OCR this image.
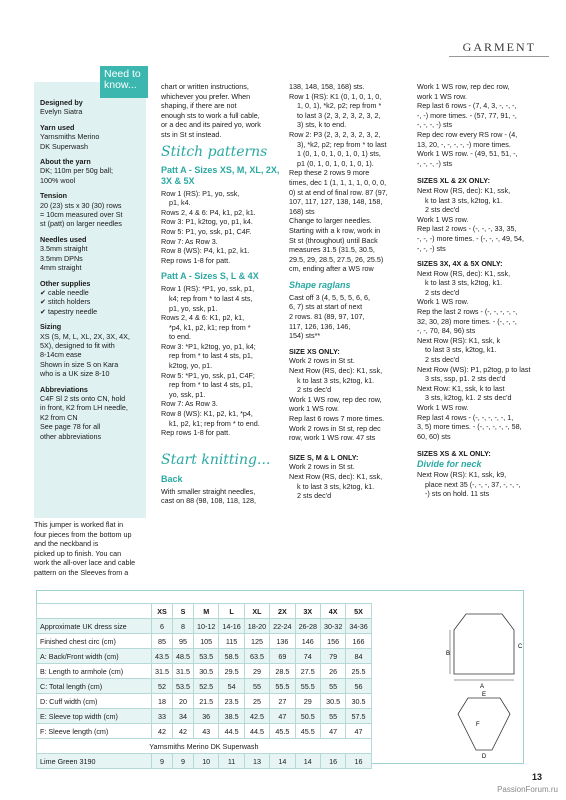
GARMENT
Designed by
Evelyn Siatra
Yarn used
Yarnsmiths Merino
DK Superwash
About the yarn
DK; 110m per 50g ball;
100% wool
Tension
20 (23) sts x 30 (30) rows
= 10cm measured over St
st (patt) on larger needles
Needles used
3.5mm straight
3.5mm DPNs
4mm straight
Other supplies
✔ cable needle
✔ stitch holders
✔ tapestry needle
Sizing
XS (S, M, L, XL, 2X, 3X, 4X,
5X), designed to fit with
8-14cm ease
Shown in size S on Kara
who is a UK size 8-10
Abbreviations
C4F Sl 2 sts onto CN, hold
in front, K2 from LH needle,
K2 from CN
See page 78 for all
other abbreviations
Need to know...

This jumper is worked flat in

four pieces from the bottom up

and the neckband is

picked up to finish. You can

work the all-over lace and cable

pattern on the Sleeves from a

chart or written instructions,

whichever you prefer. When

shaping, if there are not

enough sts to work a full cable,

or a dec and its paired yo, work

sts in St st instead.

Stitch patterns
Patt A - Sizes XS, M, XL, 2X, 3X & 5X

Row 1 (RS): P1, yo, ssk,

p1, k4.

Rows 2, 4 & 6: P4, k1, p2, k1.

Row 3: P1, k2tog, yo, p1, k4.

Row 5: P1, yo, ssk, p1, C4F.

Row 7: As Row 3.

Row 8 (WS): P4, k1, p2, k1.

Rep rows 1-8 for patt.

Patt A - Sizes S, L & 4X

Row 1 (RS): *P1, yo, ssk, p1,

k4; rep from * to last 4 sts,

p1, yo, ssk, p1.

Rows 2, 4 & 6: K1, p2, k1,

*p4, k1, p2, k1; rep from *

to end.

Row 3: *P1, k2tog, yo, p1, k4;

rep from * to last 4 sts, p1,

k2tog, yo, p1.

Row 5: *P1, yo, ssk, p1, C4F;

rep from * to last 4 sts, p1,

yo, ssk, p1.

Row 7: As Row 3.

Row 8 (WS): K1, p2, k1, *p4,

k1, p2, k1; rep from * to end.

Rep rows 1-8 for patt.

Start knitting...
Back

With smaller straight needles,

cast on 88 (98, 108, 118, 128,

138, 148, 158, 168) sts.

Row 1 (RS): K1 (0, 1, 0, 1, 0,

1, 0, 1), *k2, p2; rep from *

to last 3 (2, 3, 2, 3, 2, 3, 2,

3) sts, k to end.

Row 2: P3 (2, 3, 2, 3, 2, 3, 2,

3), *k2, p2; rep from * to last

1 (0, 1, 0, 1, 0, 1, 0, 1) sts,

p1 (0, 1, 0, 1, 0, 1, 0, 1).

Rep these 2 rows 9 more

times, dec 1 (1, 1, 1, 1, 0, 0, 0,

0) st at end of final row. 87 (97,

107, 117, 127, 138, 148, 158,

168) sts

Change to larger needles.

Starting with a k row, work in

St st (throughout) until Back

measures 31.5 (31.5, 30.5,

29.5, 29, 28.5, 27.5, 26, 25.5)

cm, ending after a WS row

Shape raglans

Cast off 3 (4, 5, 5, 5, 6, 6,

6, 7) sts at start of next

2 rows. 81 (89, 97, 107,

117, 126, 136, 146,

154) sts**

SIZE XS ONLY:

Work 2 rows in St st.

Next Row (RS, dec): K1, ssk,

k to last 3 sts, k2tog, k1.

2 sts dec'd

Work 1 WS row, rep dec row,

work 1 WS row.

Rep last 6 rows 7 more times.

Work 2 rows in St st, rep dec

row, work 1 WS row. 47 sts

SIZE S, M & L ONLY:

Work 2 rows in St st.

Next Row (RS, dec): K1, ssk,

k to last 3 sts, k2tog, k1.

2 sts dec'd

Work 1 WS row, rep dec row,

work 1 WS row.

Rep last 6 rows - (7, 4, 3, -, -, -,

-, -) more times. - (57, 77, 91, -,

-, -, -, -) sts

Rep dec row every RS row - (4,

13, 20, -, -, -, -, -) more times.

Work 1 WS row. - (49, 51, 51, -,

-, -, -, -) sts

SIZES XL & 2X ONLY:

Next Row (RS, dec): K1, ssk,

k to last 3 sts, k2tog, k1.

2 sts dec'd

Work 1 WS row.

Rep last 2 rows - (-, -, -, 33, 35,

-, -, -) more times. - (-, -, -, 49, 54,

-, -, -) sts

SIZES 3X, 4X & 5X ONLY:

Next Row (RS, dec): K1, ssk,

k to last 3 sts, k2tog, k1.

2 sts dec'd

Work 1 WS row.

Rep the last 2 rows - (-, -, -, -, -,

32, 30, 28) more times. - (-, -, -,

-, -, 70, 84, 96) sts

Next Row (RS): K1, ssk, k

to last 3 sts, k2tog, k1.

2 sts dec'd

Next Row (WS): P1, p2tog, p to last

3 sts, ssp, p1. 2 sts dec'd

Next Row: K1, ssk, k to last

3 sts, k2tog, k1. 2 sts dec'd

Work 1 WS row.

Rep last 4 rows - (-, -, -, -, -, 1,

3, 5) more times. - (-, -, -, -, -, 58,

60, 60) sts

SIZES XS & XL ONLY:
Divide for neck

Next Row (RS): K1, ssk, k9,

place next 35 (-, -, -, 37, -, -, -,

-) sts on hold. 11 sts

	XS	S	M	L	XL	2X	3X	4X	5X
Approximate UK dress size	6	8	10-12	14-16	18-20	22-24	26-28	30-32	34-36
Finished chest circ (cm)	85	95	105	115	125	136	146	156	166
A: Back/Front width (cm)	43.5	48.5	53.5	58.5	63.5	69	74	79	84
B: Length to armhole (cm)	31.5	31.5	30.5	29.5	29	28.5	27.5	26	25.5
C: Total length (cm)	52	53.5	52.5	54	55	55.5	55.5	55	56
D: Cuff width (cm)	18	20	21.5	23.5	25	27	29	30.5	30.5
E: Sleeve top width (cm)	33	34	36	38.5	42.5	47	50.5	55	57.5
F: Sleeve length (cm)	42	42	43	44.5	44.5	45.5	45.5	47	47
Yarnsmiths Merino DK Superwash									
Lime Green 3190	9	9	10	11	13	14	14	16	16
A
B
C
D
E
F
13
PassionForum.ru
